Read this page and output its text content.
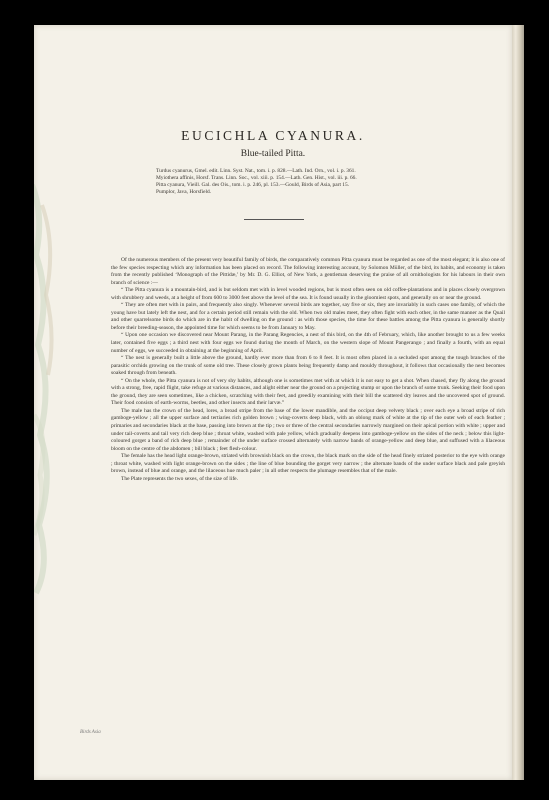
EUCICHLA CYANURA.
Blue-tailed Pitta.
Turdus cyanurus, Gmel. edit. Linn. Syst. Nat., tom. i. p. 828.—Lath. Ind. Orn., vol. i. p. 361.
Myiothera affinis, Horsf. Trans. Linn. Soc., vol. xiii. p. 154.—Lath. Gen. Hist., vol. iii. p. 66.
Pitta cyanura, Vieill. Gal. des Ois., tom. i. p. 246, pl. 153.—Gould, Birds of Asia, part 15.
Pumplor, Java, Horsfield.

Of the numerous members of the present very beautiful family of birds, the comparatively common Pitta cyanura must be regarded as one of the most elegant; it is also one of the few species respecting which any information has been placed on record. The following interesting account, by Solomon Müller, of the bird, its habits, and economy is taken from the recently published ‘Monograph of the Pittidæ,’ by Mr. D. G. Elliot, of New York, a gentleman deserving the praise of all ornithologists for his labours in their own branch of science :—

“ The Pitta cyanura is a mountain-bird, and is but seldom met with in level wooded regions, but is most often seen on old coffee-plantations and in places closely overgrown with shrubbery and weeds, at a height of from 600 to 3000 feet above the level of the sea. It is found usually in the gloomiest spots, and generally on or near the ground.

“ They are often met with in pairs, and frequently also singly. Whenever several birds are together, say five or six, they are invariably in such cases one family, of which the young have but lately left the nest, and for a certain period still remain with the old. When two old males meet, they often fight with each other, in the same manner as the Quail and other quarrelsome birds do which are in the habit of dwelling on the ground : as with those species, the time for these battles among the Pitta cyanura is generally shortly before their breeding-season, the appointed time for which seems to be from January to May.

“ Upon one occasion we discovered near Mount Parang, in the Parang Regencies, a nest of this bird, on the 4th of February, which, like another brought to us a few weeks later, contained five eggs ; a third nest with four eggs we found during the month of March, on the western slope of Mount Pangerango ; and finally a fourth, with an equal number of eggs, we succeeded in obtaining at the beginning of April.

“ The nest is generally built a little above the ground, hardly ever more than from 6 to 8 feet. It is most often placed in a secluded spot among the tough branches of the parasitic orchids growing on the trunk of some old tree. These closely grown plants being frequently damp and mouldy throughout, it follows that occasionally the nest becomes soaked through from beneath.

“ On the whole, the Pitta cyanura is not of very shy habits, although one is sometimes met with at which it is not easy to get a shot. When chased, they fly along the ground with a strong, free, rapid flight, take refuge at various distances, and alight either near the ground on a projecting stump or upon the branch of some trunk. Seeking their food upon the ground, they are seen sometimes, like a chicken, scratching with their feet, and greedily examining with their bill the scattered dry leaves and the uncovered spot of ground. Their food consists of earth-worms, beetles, and other insects and their larvæ.”

The male has the crown of the head, lores, a broad stripe from the base of the lower mandible, and the occiput deep velvety black ; over each eye a broad stripe of rich gamboge-yellow ; all the upper surface and tertiaries rich golden brown ; wing-coverts deep black, with an oblong mark of white at the tip of the outer web of each feather ; primaries and secondaries black at the base, passing into brown at the tip ; two or three of the central secondaries narrowly margined on their apical portion with white ; upper and under tail-coverts and tail very rich deep blue ; throat white, washed with pale yellow, which gradually deepens into gamboge-yellow on the sides of the neck ; below this light-coloured gorget a band of rich deep blue ; remainder of the under surface crossed alternately with narrow bands of orange-yellow and deep blue, and suffused with a lilaceous bloom on the centre of the abdomen ; bill black ; feet flesh-colour.

The female has the head light orange-brown, striated with brownish black on the crown, the black mark on the side of the head finely striated posterior to the eye with orange ; throat white, washed with light orange-brown on the sides ; the line of blue bounding the gorget very narrow ; the alternate bands of the under surface black and pale greyish brown, instead of blue and orange, and the lilaceous hue much paler ; in all other respects the plumage resembles that of the male.

The Plate represents the two sexes, of the size of life.

Birds Asia
